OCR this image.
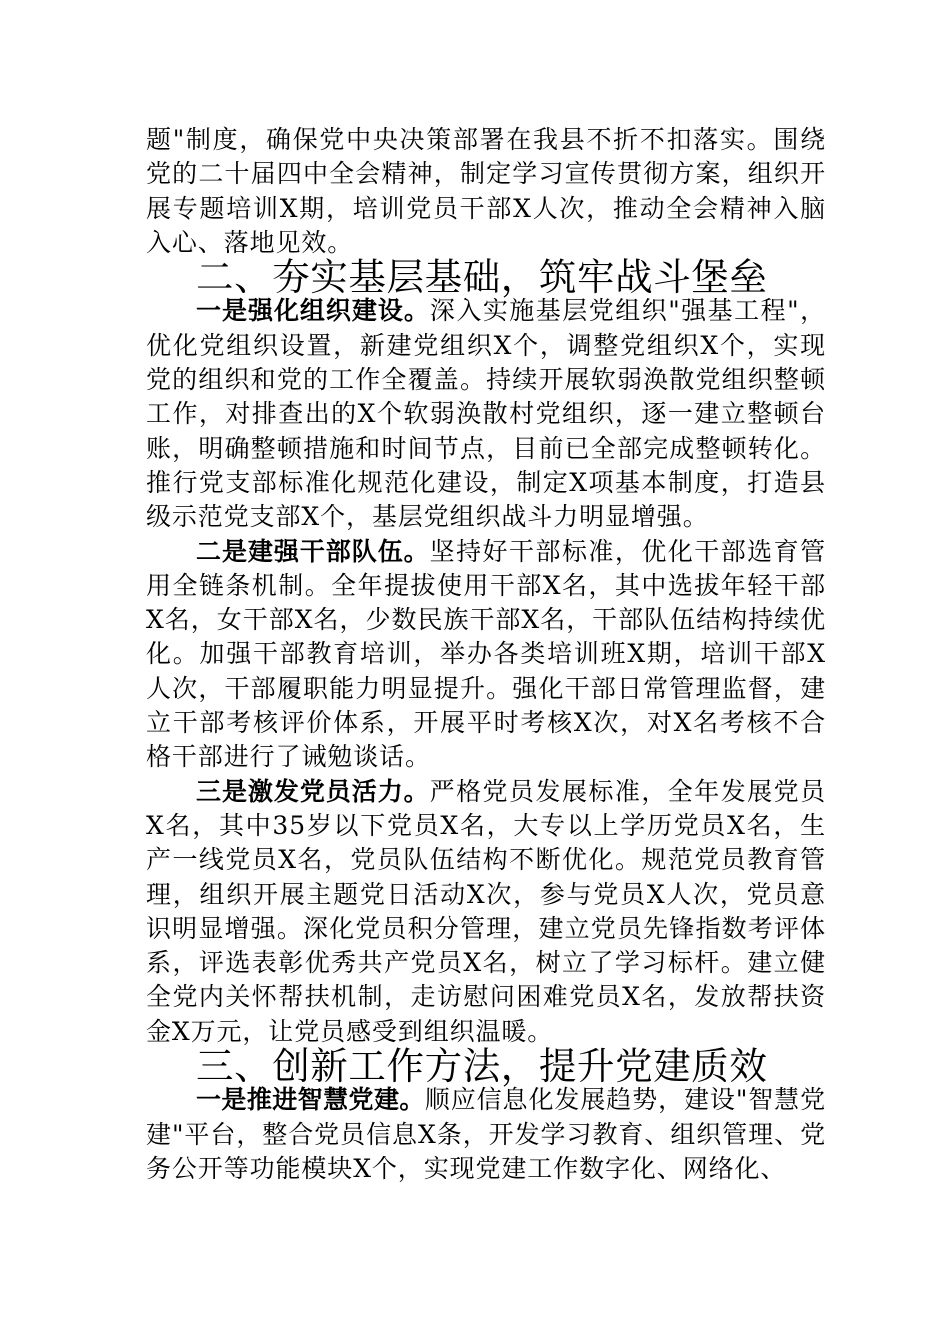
题"制度，确保党中央决策部署在我县不折不扣落实。围绕党的二十届四中全会精神，制定学习宣传贯彻方案，组织开展专题培训X期，培训党员干部X人次，推动全会精神入脑入心、落地见效。

二、夯实基层基础，筑牢战斗堡垒

一是强化组织建设。深入实施基层党组织"强基工程"，优化党组织设置，新建党组织X个，调整党组织X个，实现党的组织和党的工作全覆盖。持续开展软弱涣散党组织整顿工作，对排查出的X个软弱涣散村党组织，逐一建立整顿台账，明确整顿措施和时间节点，目前已全部完成整顿转化。推行党支部标准化规范化建设，制定X项基本制度，打造县级示范党支部X个，基层党组织战斗力明显增强。

二是建强干部队伍。坚持好干部标准，优化干部选育管用全链条机制。全年提拔使用干部X名，其中选拔年轻干部X名，女干部X名，少数民族干部X名，干部队伍结构持续优化。加强干部教育培训，举办各类培训班X期，培训干部X人次，干部履职能力明显提升。强化干部日常管理监督，建立干部考核评价体系，开展平时考核X次，对X名考核不合格干部进行了诫勉谈话。

三是激发党员活力。严格党员发展标准，全年发展党员X名，其中35岁以下党员X名，大专以上学历党员X名，生产一线党员X名，党员队伍结构不断优化。规范党员教育管理，组织开展主题党日活动X次，参与党员X人次，党员意识明显增强。深化党员积分管理，建立党员先锋指数考评体系，评选表彰优秀共产党员X名，树立了学习标杆。建立健全党内关怀帮扶机制，走访慰问困难党员X名，发放帮扶资金X万元，让党员感受到组织温暖。

三、创新工作方法，提升党建质效

一是推进智慧党建。顺应信息化发展趋势，建设"智慧党建"平台，整合党员信息X条，开发学习教育、组织管理、党务公开等功能模块X个，实现党建工作数字化、网络化、
